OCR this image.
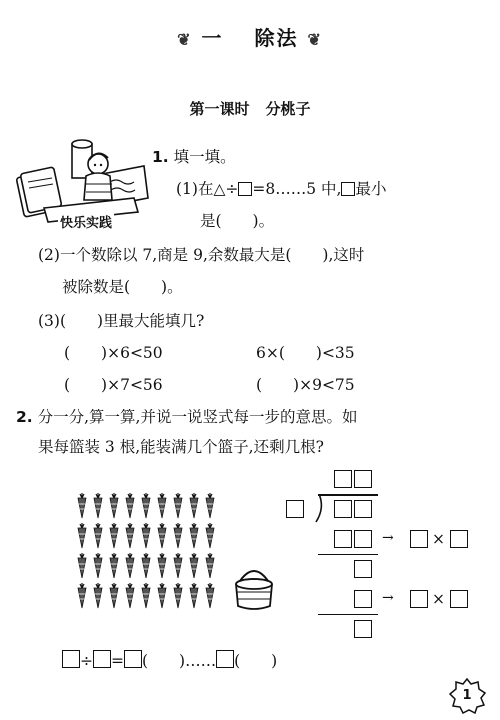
❦ 一 除法 ❦
第一课时 分桃子
快乐实践
1. 填一填。
(1)在△÷ =8……5 中, 最小
是(　　)。
(2)一个数除以 7,商是 9,余数最大是(　　),这时
被除数是(　　)。
(3)(　　)里最大能填几?
(　　)×6<50	6×(　　)<35
(　　)×7<56	(　　)×9<75
2. 分一分,算一算,并说一说竖式每一步的意思。如
果每篮装 3 根,能装满几个篮子,还剩几根?
→ ×
→ ×
÷ = (　　)…… (　　)
1
